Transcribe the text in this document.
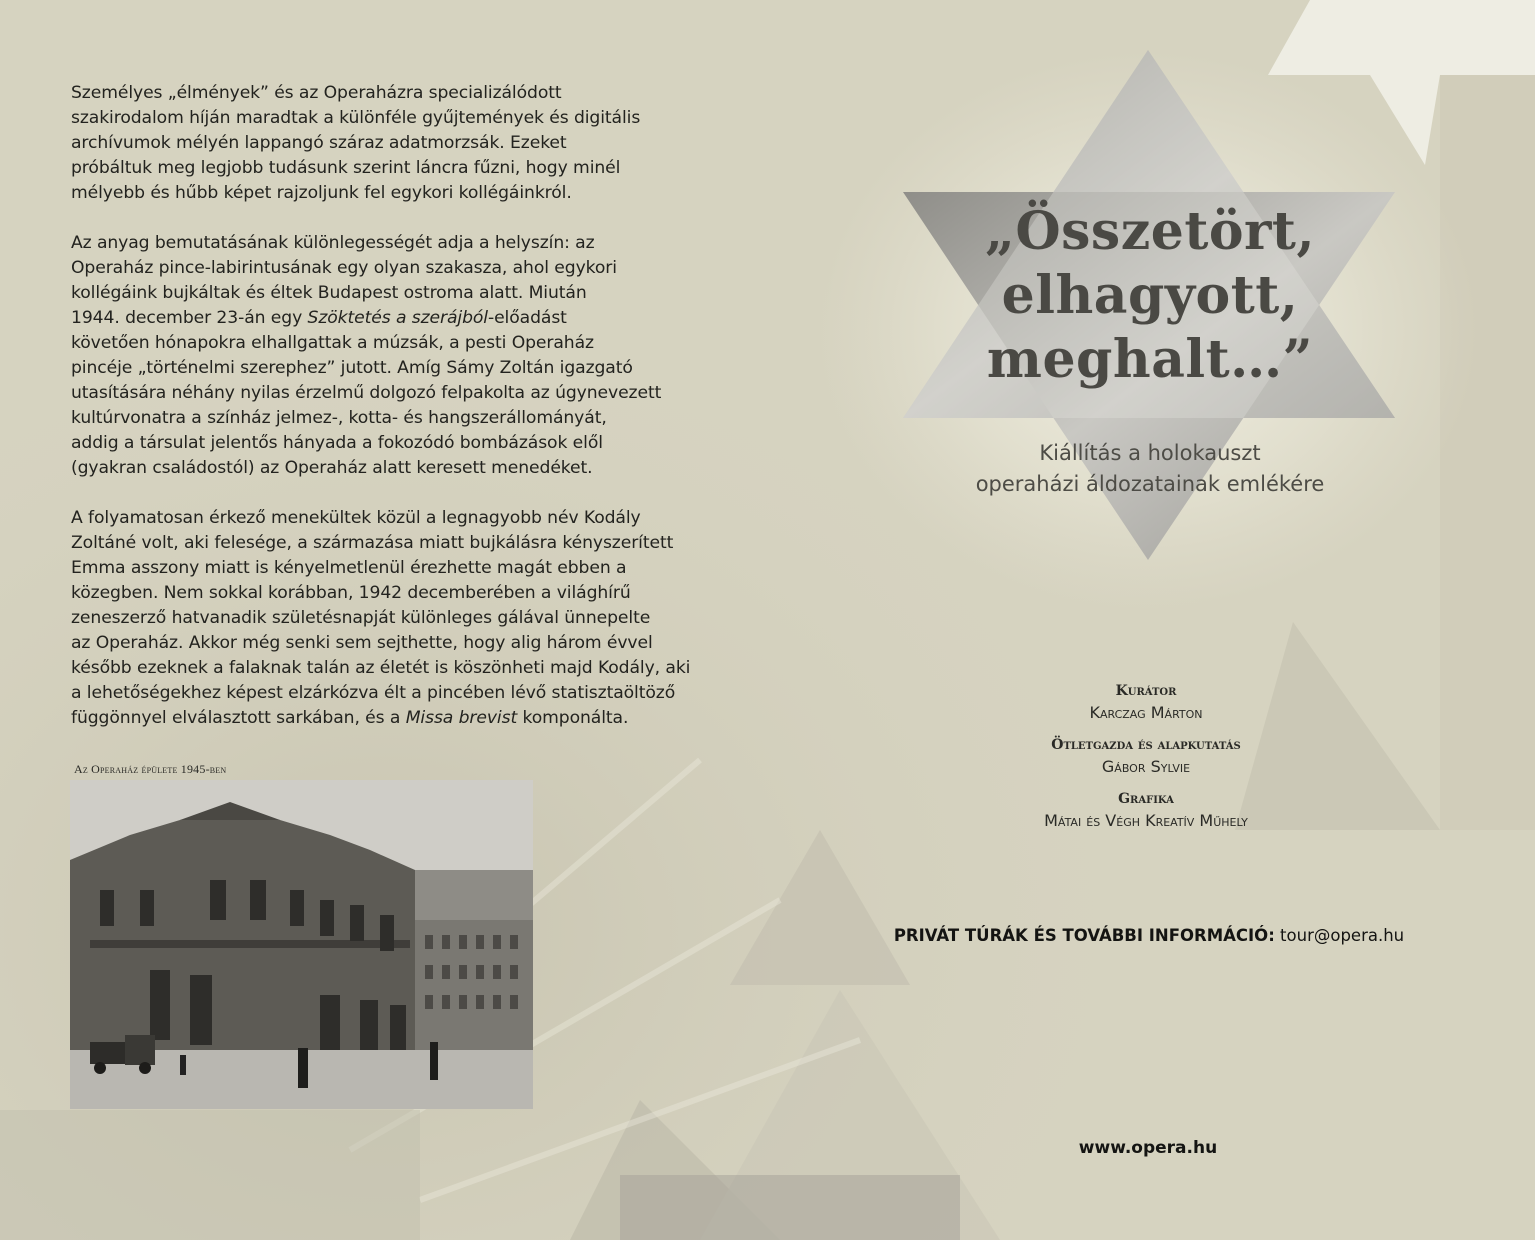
Személyes „élmények” és az Operaházra specializálódott
szakirodalom híján maradtak a különféle gyűjtemények és digitális
archívumok mélyén lappangó száraz adatmorzsák. Ezeket
próbáltuk meg legjobb tudásunk szerint láncra fűzni, hogy minél
mélyebb és hűbb képet rajzoljunk fel egykori kollégáinkról.

Az anyag bemutatásának különlegességét adja a helyszín: az
Operaház pince-labirintusának egy olyan szakasza, ahol egykori
kollégáink bujkáltak és éltek Budapest ostroma alatt. Miután
1944. december 23-án egy Szöktetés a szerájból-előadást
követően hónapokra elhallgattak a múzsák, a pesti Operaház
pincéje „történelmi szerephez” jutott. Amíg Sámy Zoltán igazgató
utasítására néhány nyilas érzelmű dolgozó felpakolta az úgynevezett
kultúrvonatra a színház jelmez-, kotta- és hangszerállományát,
addig a társulat jelentős hányada a fokozódó bombázások elől
(gyakran családostól) az Operaház alatt keresett menedéket.

A folyamatosan érkező menekültek közül a legnagyobb név Kodály
Zoltáné volt, aki felesége, a származása miatt bujkálásra kényszerített
Emma asszony miatt is kényelmetlenül érezhette magát ebben a
közegben. Nem sokkal korábban, 1942 decemberében a világhírű
zeneszerző hatvanadik születésnapját különleges gálával ünnepelte
az Operaház. Akkor még senki sem sejthette, hogy alig három évvel
később ezeknek a falaknak talán az életét is köszönheti majd Kodály, aki
a lehetőségekhez képest elzárkózva élt a pincében lévő statisztaöltöző
függönnyel elválasztott sarkában, és a Missa brevist komponálta.

Az Operaház épülete 1945-ben
„Összetört,
elhagyott,
meghalt…”
Kiállítás a holokauszt
operaházi áldozatainak emlékére
Kurátor
Karczag Márton
Ötletgazda és alapkutatás
Gábor Sylvie
Grafika
Mátai és Végh Kreatív Műhely
PRIVÁT TÚRÁK ÉS TOVÁBBI INFORMÁCIÓ: tour@opera.hu
www.opera.hu
